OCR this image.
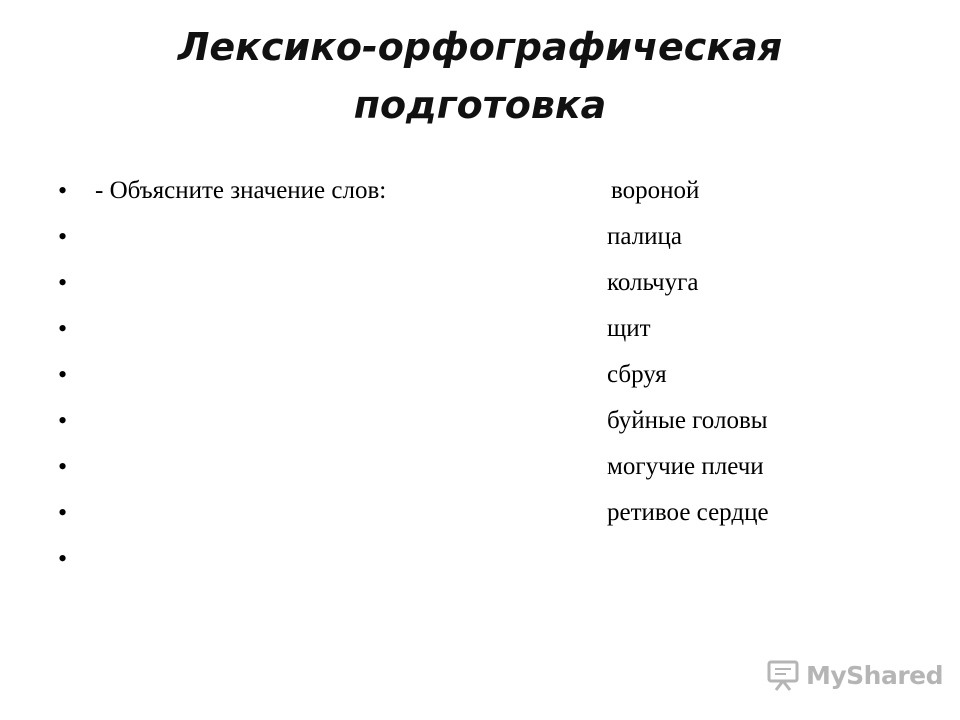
Лексико-орфографическая подготовка
•
•
•
•
•
•
•
•
•
- Объясните значение слов:	вороной
палица
кольчуга
щит
сбруя
буйные головы
могучие плечи
ретивое сердце
MyShared
